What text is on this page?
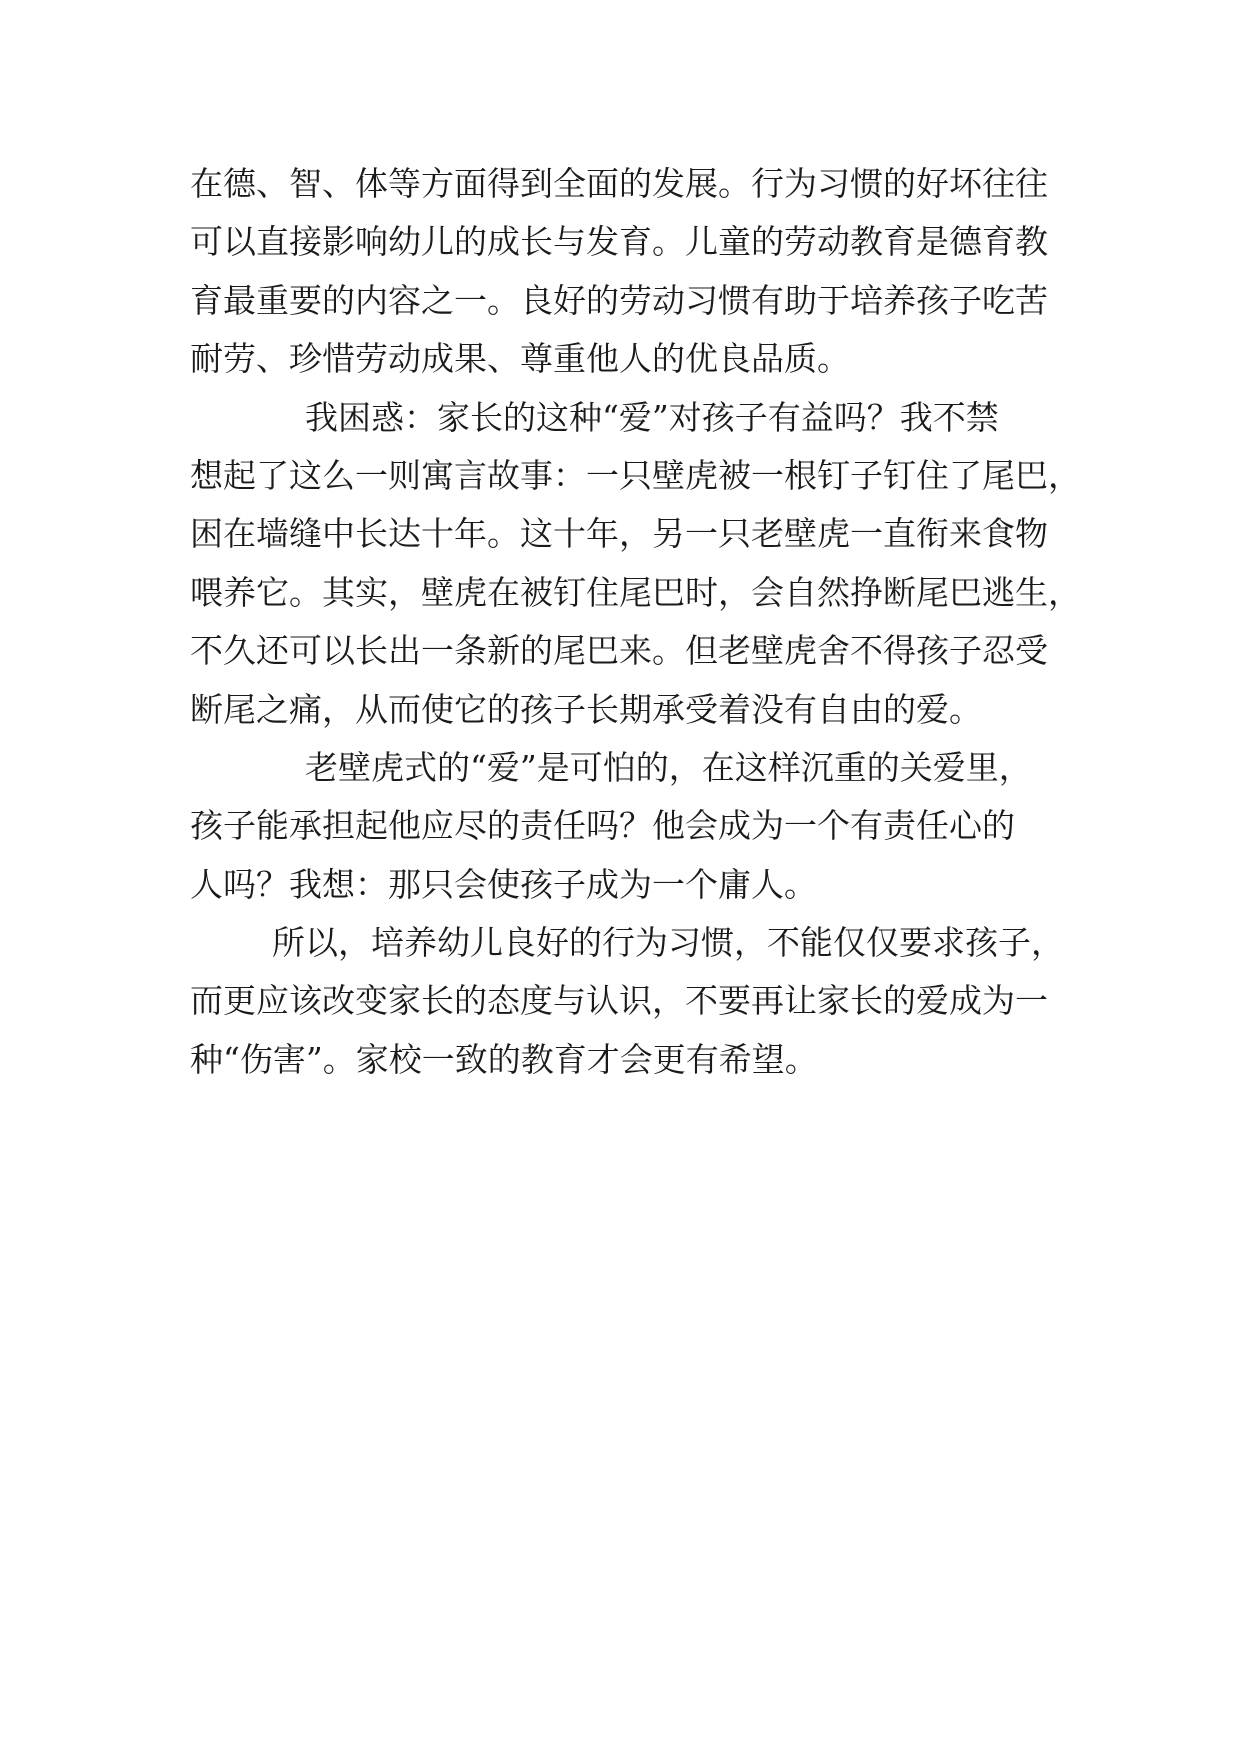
在德、智、体等方面得到全面的发展。行为习惯的好坏往往
可以直接影响幼儿的成长与发育。儿童的劳动教育是德育教
育最重要的内容之一。良好的劳动习惯有助于培养孩子吃苦
耐劳、珍惜劳动成果、尊重他人的优良品质。
我困惑：家长的这种“爱”对孩子有益吗？我不禁
想起了这么一则寓言故事：一只壁虎被一根钉子钉住了尾巴，
困在墙缝中长达十年。这十年，另一只老壁虎一直衔来食物
喂养它。其实，壁虎在被钉住尾巴时，会自然挣断尾巴逃生，
不久还可以长出一条新的尾巴来。但老壁虎舍不得孩子忍受
断尾之痛，从而使它的孩子长期承受着没有自由的爱。
老壁虎式的“爱”是可怕的，在这样沉重的关爱里，
孩子能承担起他应尽的责任吗？他会成为一个有责任心的
人吗？我想：那只会使孩子成为一个庸人。
所以，培养幼儿良好的行为习惯，不能仅仅要求孩子，
而更应该改变家长的态度与认识，不要再让家长的爱成为一
种“伤害”。家校一致的教育才会更有希望。
